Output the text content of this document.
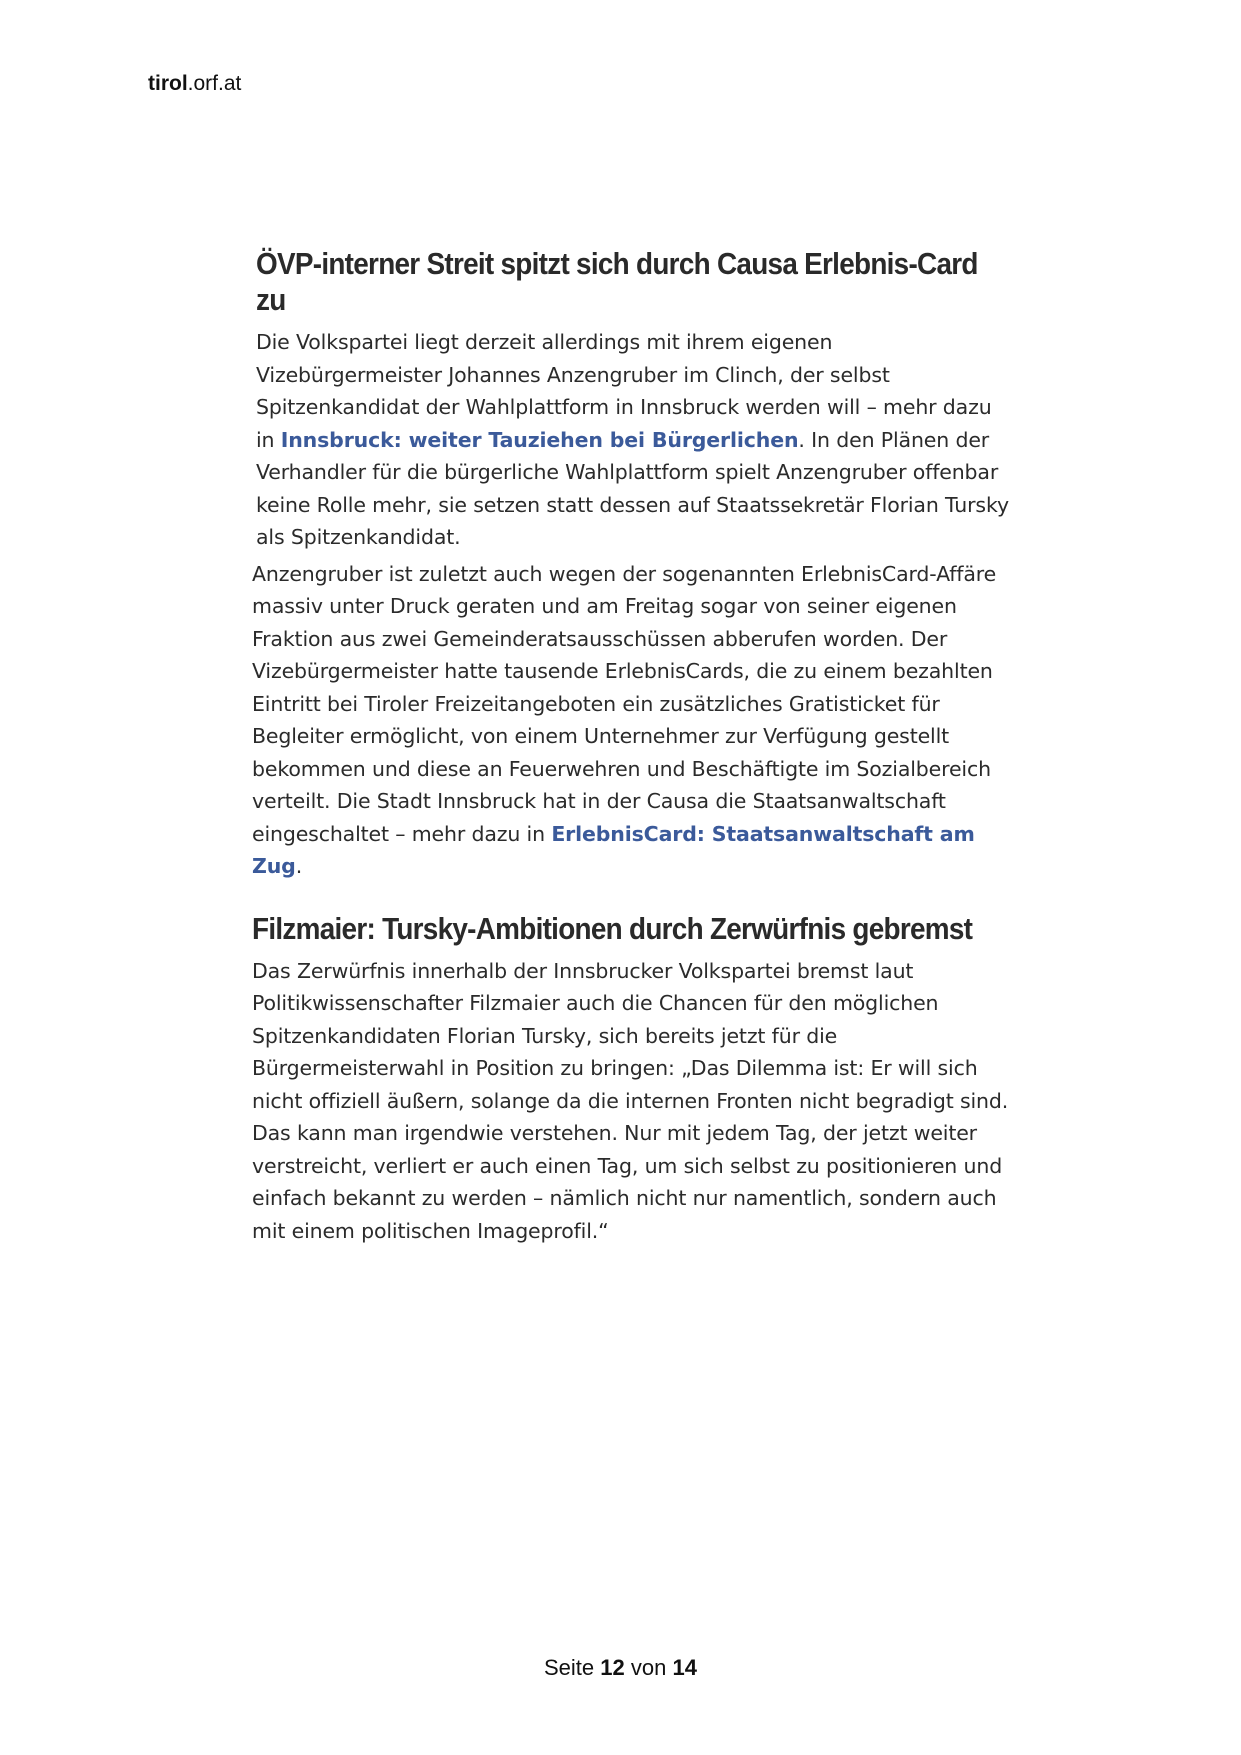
tirol.orf.at
ÖVP-interner Streit spitzt sich durch Causa Erlebnis-Card zu

Die Volkspartei liegt derzeit allerdings mit ihrem eigenen Vizebürgermeister Johannes Anzengruber im Clinch, der selbst Spitzenkandidat der Wahlplattform in Innsbruck werden will – mehr dazu in Innsbruck: weiter Tauziehen bei Bürgerlichen. In den Plänen der Verhandler für die bürgerliche Wahlplattform spielt Anzengruber offenbar keine Rolle mehr, sie setzen statt dessen auf Staatssekretär Florian Tursky als Spitzenkandidat.

Anzengruber ist zuletzt auch wegen der sogenannten ErlebnisCard-Affäre massiv unter Druck geraten und am Freitag sogar von seiner eigenen Fraktion aus zwei Gemeinderatsausschüssen abberufen worden. Der Vizebürgermeister hatte tausende ErlebnisCards, die zu einem bezahlten Eintritt bei Tiroler Freizeitangeboten ein zusätzliches Gratisticket für Begleiter ermöglicht, von einem Unternehmer zur Verfügung gestellt bekommen und diese an Feuerwehren und Beschäftigte im Sozialbereich verteilt. Die Stadt Innsbruck hat in der Causa die Staatsanwaltschaft eingeschaltet – mehr dazu in ErlebnisCard: Staatsanwaltschaft am Zug.

Filzmaier: Tursky-Ambitionen durch Zerwürfnis gebremst

Das Zerwürfnis innerhalb der Innsbrucker Volkspartei bremst laut Politikwissenschafter Filzmaier auch die Chancen für den möglichen Spitzenkandidaten Florian Tursky, sich bereits jetzt für die Bürgermeisterwahl in Position zu bringen: „Das Dilemma ist: Er will sich nicht offiziell äußern, solange da die internen Fronten nicht begradigt sind. Das kann man irgendwie verstehen. Nur mit jedem Tag, der jetzt weiter verstreicht, verliert er auch einen Tag, um sich selbst zu positionieren und einfach bekannt zu werden – nämlich nicht nur namentlich, sondern auch mit einem politischen Imageprofil.“

Seite 12 von 14
